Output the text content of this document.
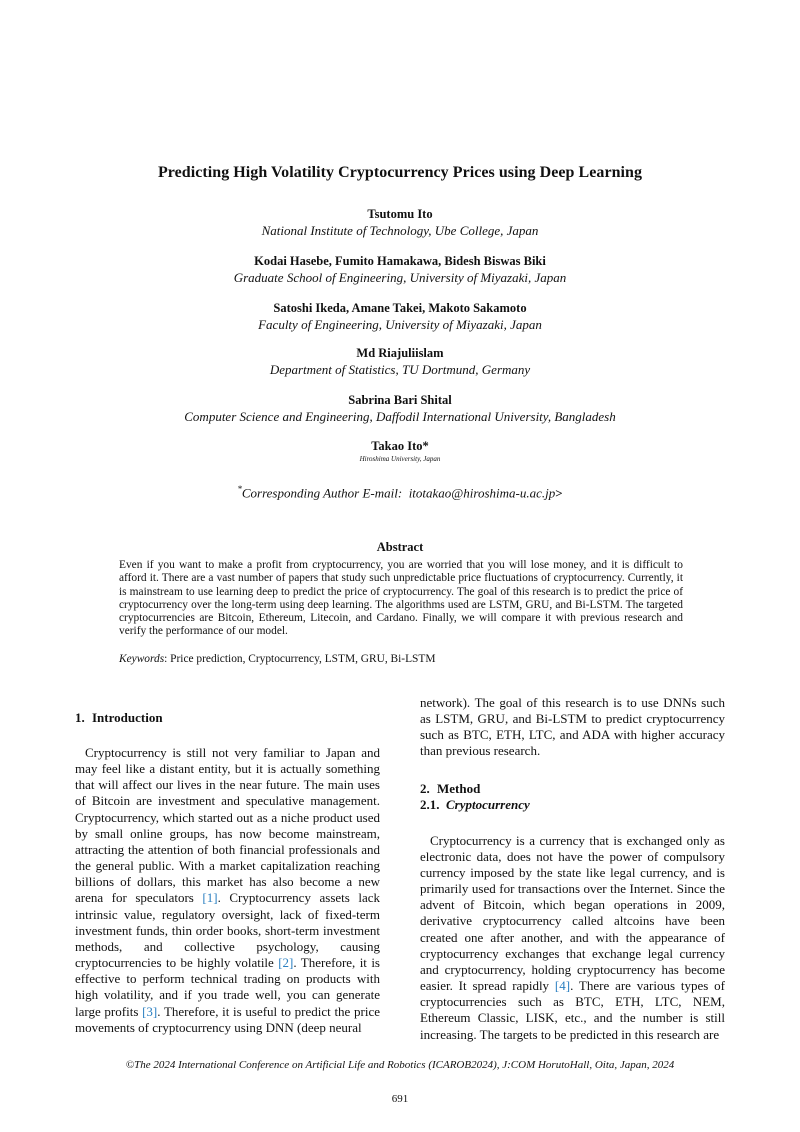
Predicting High Volatility Cryptocurrency Prices using Deep Learning
Tsutomu Ito
National Institute of Technology, Ube College, Japan
Kodai Hasebe, Fumito Hamakawa, Bidesh Biswas Biki
Graduate School of Engineering, University of Miyazaki, Japan
Satoshi Ikeda, Amane Takei, Makoto Sakamoto
Faculty of Engineering, University of Miyazaki, Japan
Md Riajuliislam
Department of Statistics, TU Dortmund, Germany
Sabrina Bari Shital
Computer Science and Engineering, Daffodil International University, Bangladesh
Takao Ito*
Hiroshima University, Japan
*Corresponding Author E-mail: itotakao@hiroshima-u.ac.jp>
Abstract
Even if you want to make a profit from cryptocurrency, you are worried that you will lose money, and it is difficult to afford it. There are a vast number of papers that study such unpredictable price fluctuations of cryptocurrency. Currently, it is mainstream to use learning deep to predict the price of cryptocurrency. The goal of this research is to predict the price of cryptocurrency over the long-term using deep learning. The algorithms used are LSTM, GRU, and Bi-LSTM. The targeted cryptocurrencies are Bitcoin, Ethereum, Litecoin, and Cardano. Finally, we will compare it with previous research and verify the performance of our model.
Keywords: Price prediction, Cryptocurrency, LSTM, GRU, Bi-LSTM
1. Introduction

Cryptocurrency is still not very familiar to Japan and may feel like a distant entity, but it is actually something that will affect our lives in the near future. The main uses of Bitcoin are investment and speculative management. Cryptocurrency, which started out as a niche product used by small online groups, has now become mainstream, attracting the attention of both financial professionals and the general public. With a market capitalization reaching billions of dollars, this market has also become a new arena for speculators [1]. Cryptocurrency assets lack intrinsic value, regulatory oversight, lack of fixed-term investment funds, thin order books, short-term investment methods, and collective psychology, causing cryptocurrencies to be highly volatile [2]. Therefore, it is effective to perform technical trading on products with high volatility, and if you trade well, you can generate large profits [3]. Therefore, it is useful to predict the price movements of cryptocurrency using DNN (deep neural

network). The goal of this research is to use DNNs such as LSTM, GRU, and Bi-LSTM to predict cryptocurrency such as BTC, ETH, LTC, and ADA with higher accuracy than previous research.

2. Method
2.1. Cryptocurrency

Cryptocurrency is a currency that is exchanged only as electronic data, does not have the power of compulsory currency imposed by the state like legal currency, and is primarily used for transactions over the Internet. Since the advent of Bitcoin, which began operations in 2009, derivative cryptocurrency called altcoins have been created one after another, and with the appearance of cryptocurrency exchanges that exchange legal currency and cryptocurrency, holding cryptocurrency has become easier. It spread rapidly [4]. There are various types of cryptocurrencies such as BTC, ETH, LTC, NEM, Ethereum Classic, LISK, etc., and the number is still increasing. The targets to be predicted in this research are

©The 2024 International Conference on Artificial Life and Robotics (ICAROB2024), J:COM HorutoHall, Oita, Japan, 2024
691
